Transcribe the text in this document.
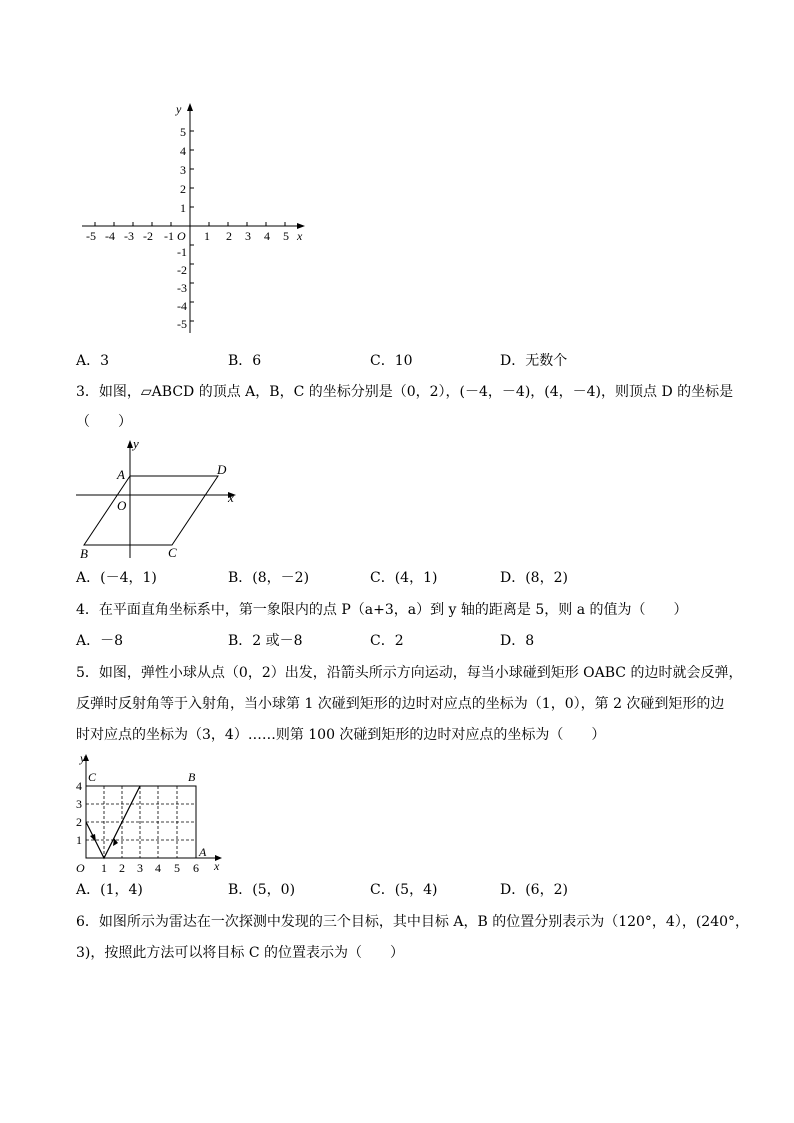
-5 -4 -3 -2 -1	1 2 3 4 5
O	x
y
5
4
3
2
1
-1
-2
-3
-4
-5
A．3	B．6	C．10	D．无数个
3．如图，▱ABCD 的顶点 A，B，C 的坐标分别是（0，2），(－4，－4)，(4，－4)，则顶点 D 的坐标是
（　　）
y
x
A	D
O
B	C
A．(－4，1)	B．(8，－2)	C．(4，1)	D．(8，2)
4．在平面直角坐标系中，第一象限内的点 P（a+3，a）到 y 轴的距离是 5，则 a 的值为（　　）
A．－8	B．2 或－8	C．2	D．8
5．如图，弹性小球从点（0，2）出发，沿箭头所示方向运动，每当小球碰到矩形 OABC 的边时就会反弹，
反弹时反射角等于入射角，当小球第 1 次碰到矩形的边时对应点的坐标为（1，0），第 2 次碰到矩形的边
时对应点的坐标为（3，4）……则第 100 次碰到矩形的边时对应点的坐标为（　　）
y
x
C	B
A
O 1 2 3 4 5 6
1
2
3
4
A．(1，4)	B．(5，0)	C．(5，4)	D．(6，2)
6．如图所示为雷达在一次探测中发现的三个目标，其中目标 A，B 的位置分别表示为（120°，4），(240°，
3)，按照此方法可以将目标 C 的位置表示为（　　）
